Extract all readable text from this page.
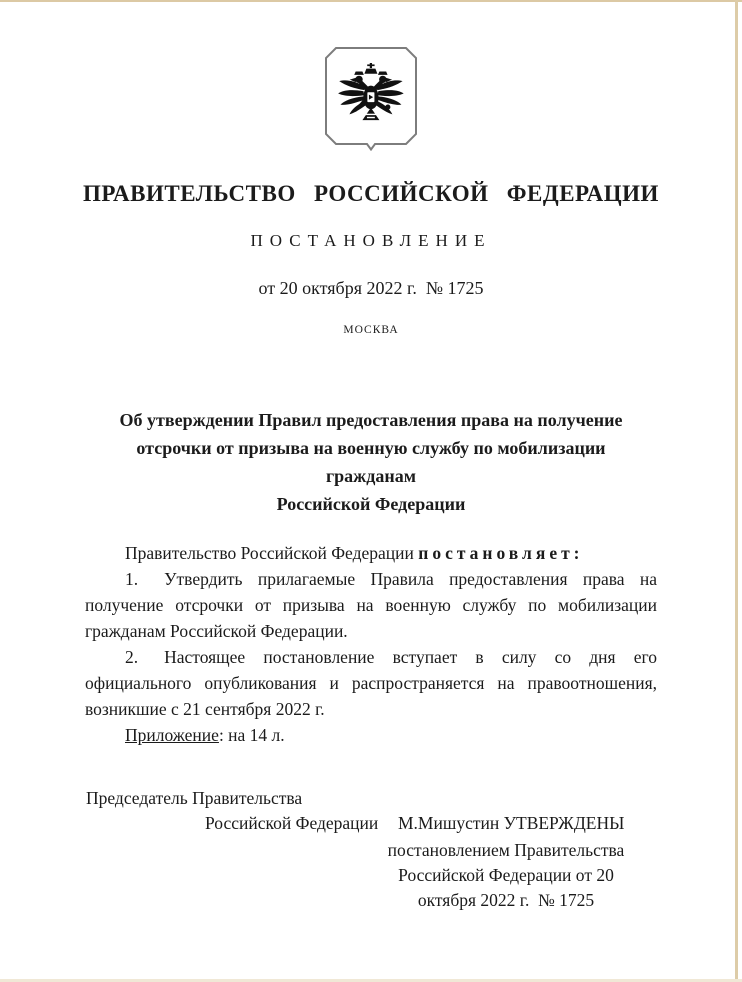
ПРАВИТЕЛЬСТВО РОССИЙСКОЙ ФЕДЕРАЦИИ
ПОСТАНОВЛЕНИЕ
от 20 октября 2022 г.  № 1725
МОСКВА
Об утверждении Правил предоставления права на получение
отсрочки от призыва на военную службу по мобилизации гражданам
Российской Федерации

Правительство Российской Федерации постановляет:

1. Утвердить прилагаемые Правила предоставления права на получение отсрочки от призыва на военную службу по мобилизации гражданам Российской Федерации.

2. Настоящее постановление вступает в силу со дня его официального опубликования и распространяется на правоотношения, возникшие с 21 сентября 2022 г.

Приложение: на 14 л.

Председатель Правительства
Российской Федерации М.Мишустин УТВЕРЖДЕНЫ
постановлением Правительства
Российской Федерации от 20
октября 2022 г.  № 1725
